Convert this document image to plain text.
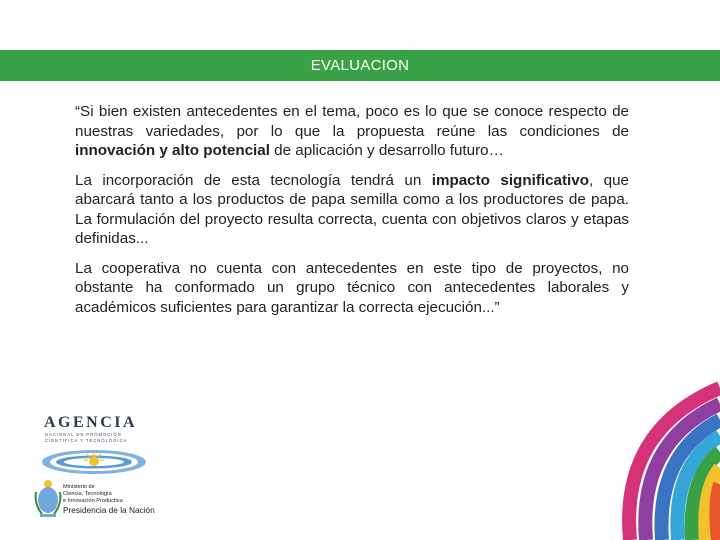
EVALUACION

“Si bien existen antecedentes en el tema, poco es lo que se conoce respecto de nuestras variedades, por lo que la propuesta reúne las condiciones de innovación y alto potencial de aplicación y desarrollo futuro…

La incorporación de esta tecnología tendrá un impacto significativo, que abarcará tanto a los productos de papa semilla como a los productores de papa. La formulación del proyecto resulta correcta, cuenta con objetivos claros y etapas definidas...

La cooperativa no cuenta con antecedentes en este tipo de proyectos, no obstante ha conformado un grupo técnico con antecedentes laborales y académicos suficientes para garantizar la correcta ejecución...”

AGENCIA
NACIONAL DE PROMOCIÓN
CIENTÍFICA Y TECNOLÓGICA
Ministerio de
Ciencia, Tecnología
e Innovación Productiva
Presidencia de la Nación
